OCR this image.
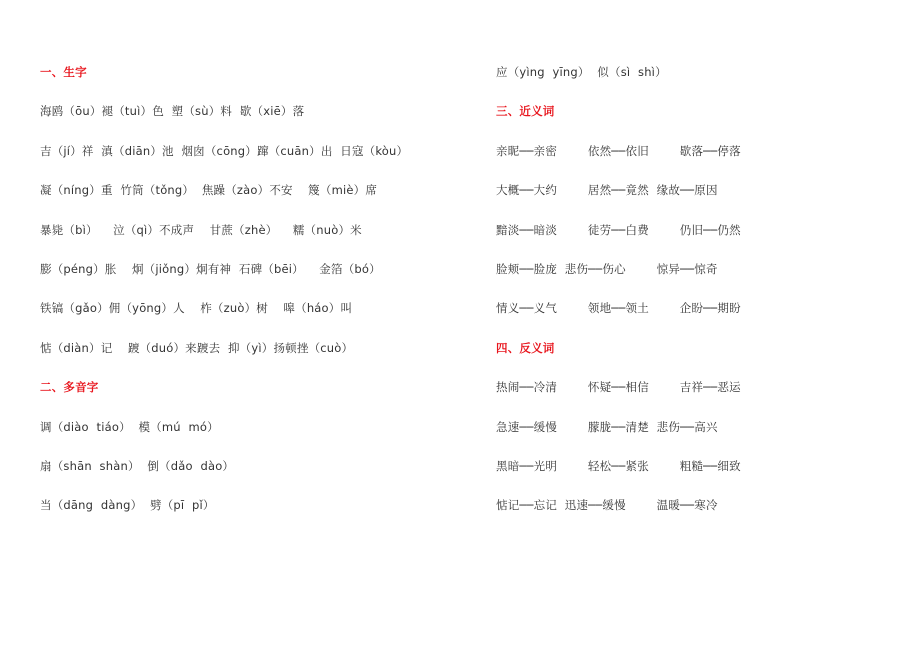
一、生字
海鸥（ōu）褪（tuì）色  塑（sù）料  歇（xiē）落
吉（jí）祥  滇（diān）池  烟囱（cōng）蹿（cuān）出  日寇（kòu）
凝（níng）重  竹筒（tǒng）  焦躁（zào）不安    篾（miè）席
暴毙（bì）    泣（qì）不成声    甘蔗（zhè）    糯（nuò）米
膨（péng）胀    炯（jiǒng）炯有神  石碑（bēi）    金箔（bó）
铁镐（gǎo）佣（yōng）人    柞（zuò）树    嗥（háo）叫
惦（diàn）记    踱（duó）来踱去  抑（yì）扬顿挫（cuò）
二、多音字
调（diào  tiáo）  模（mú  mó）
扇（shān  shàn）  倒（dǎo  dào）
当（dāng  dàng）  劈（pī  pǐ）
应（yìng  yīng）  似（sì  shì）
三、近义词
亲昵──亲密        依然──依旧        歇落──停落
大概──大约        居然──竟然  缘故──原因
黯淡──暗淡        徒劳──白费        仍旧──仍然
脸颊──脸庞  悲伤──伤心        惊异──惊奇
情义──义气        领地──领土        企盼──期盼
四、反义词
热闹──冷清        怀疑──相信        吉祥──恶运
急速──缓慢        朦胧──清楚  悲伤──高兴
黑暗──光明        轻松──紧张        粗糙──细致
惦记──忘记  迅速──缓慢        温暖──寒冷
